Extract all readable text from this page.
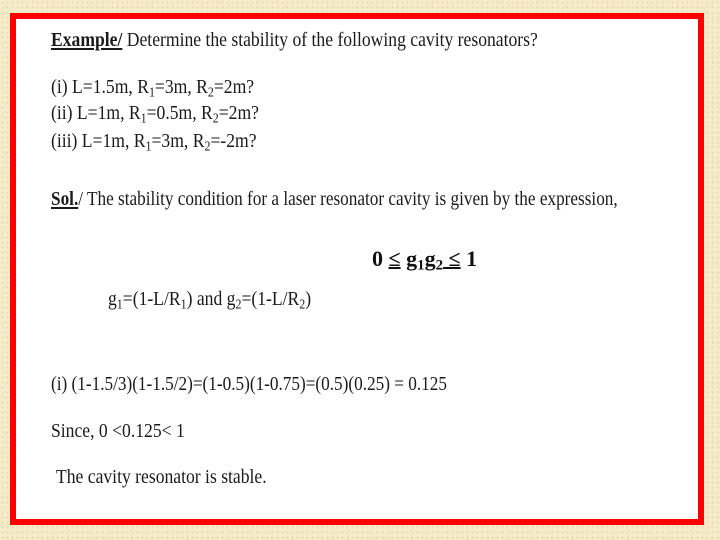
Example/ Determine the stability of the following cavity resonators?
(i) L=1.5m, $R_1=3m$, $R_2=2m$?
(ii) L=1m, $R_1=0.5m$, $R_2=2m$?
(iii) L=1m, $R_1=3m$, $R_2=-2m$?
Sol./ The stability condition for a laser resonator cavity is given by the expression,
$0 \le g_1g_2 \le 1$
$g_1=(1-L/R_1)$ and $g_2=(1-L/R_2)$
(i) (1-1.5/3)(1-1.5/2)=(1-0.5)(1-0.75)=(0.5)(0.25) = 0.125
Since, 0 <0.125< 1
The cavity resonator is stable.
